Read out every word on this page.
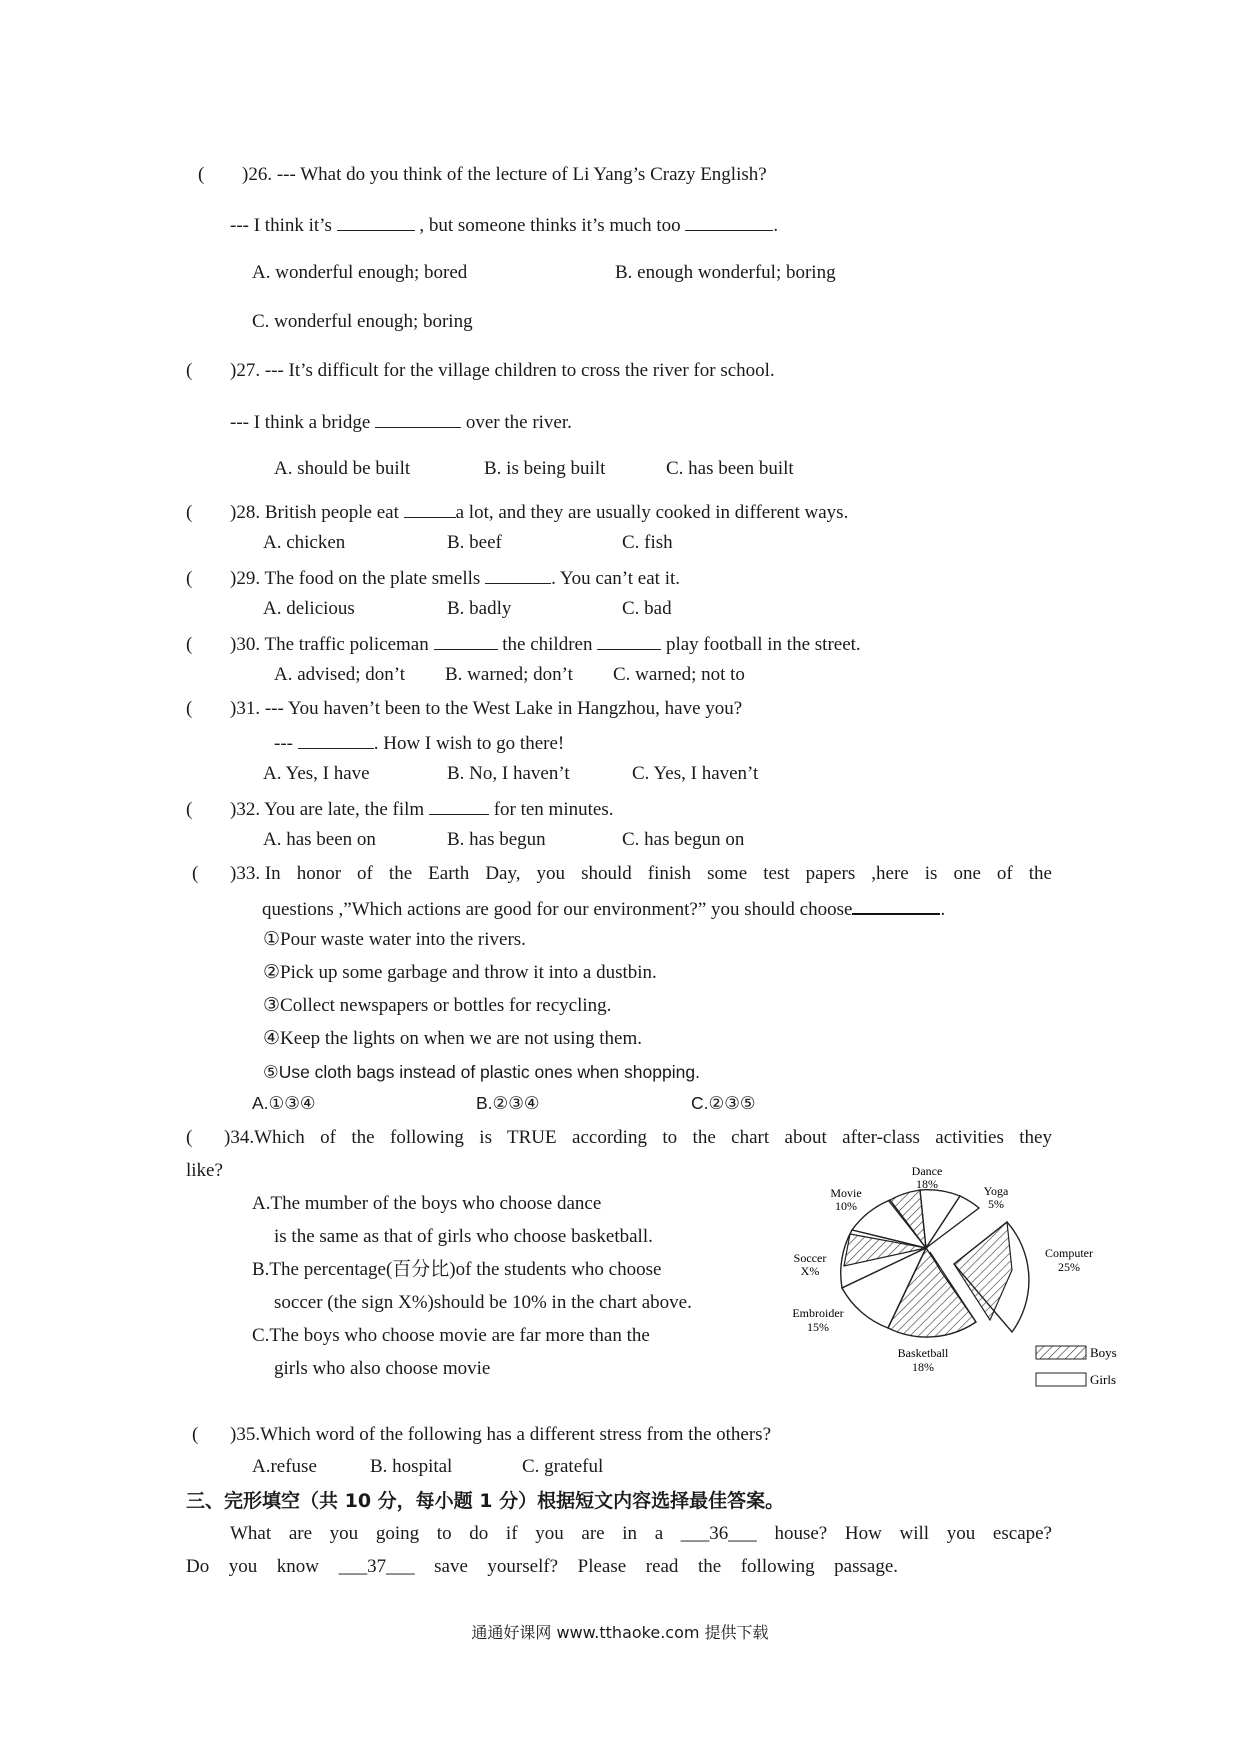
( )26. --- What do you think of the lecture of Li Yang’s Crazy English?
--- I think it’s	, but someone thinks it’s much too	.
A. wonderful enough; bored	B. enough wonderful; boring
C. wonderful enough; boring
( )27. --- It’s difficult for the village children to cross the river for school.
--- I think a bridge	over the river.
A. should be built	B. is being built	C. has been built
( )28. British people eat	a lot, and they are usually cooked in different ways.
A. chicken	B. beef	C. fish
( )29. The food on the plate smells	. You can’t eat it.
A. delicious	B. badly	C. bad
( )30. The traffic policeman	the children	play football in the street.
A. advised; don’t B. warned; don’t C. warned; not to
( )31. --- You haven’t been to the West Lake in Hangzhou, have you?
---	. How I wish to go there!
A. Yes, I have	B. No, I haven’t	C. Yes, I haven’t
( )32. You are late, the film	for ten minutes.
A. has been on	B. has begun	C. has begun on
(	) 33.
In honor of the Earth Day, you should finish some test papers ,here is one of the
questions ,”Which actions are good for our environment?” you should choose	.
①Pour waste water into the rivers.
②Pick up some garbage and throw it into a dustbin.
③Collect newspapers or bottles for recycling.
④Keep the lights on when we are not using them.
⑤Use cloth bags instead of plastic ones when shopping.
A.①③④	B.②③④	C.②③⑤
(	) 34. Which of the following is TRUE according to the chart about after-class activities they
like?
A.The mumber of the boys who choose dance
is the same as that of girls who choose basketball.
B.The percentage(百分比)of the students who choose
soccer (the sign X%)should be 10% in the chart above.
C.The boys who choose movie are far more than the
girls who also choose movie
Dance
18%	Yoga
5%
Computer
25%
Basketball
18%
Embroider
15%
Soccer
X%
Movie
10%
Boys
Girls
( )35.Which word of the following has a different stress from the others?
A.refuse	B. hospital	C. grateful
三、完形填空（共 10 分，每小题 1 分）根据短文内容选择最佳答案。
What are you going to do if you are in a ___36___ house? How will you escape?
Do you know ___37___ save yourself? Please read the following passage.
通通好课网 www.tthaoke.com 提供下载
